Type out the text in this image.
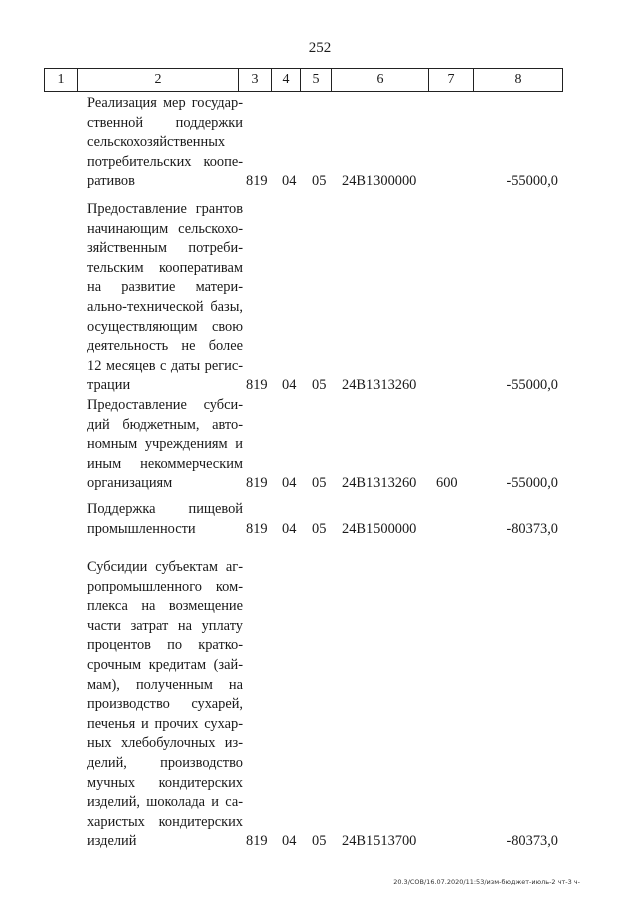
252
1	2	3	4	5	6	7	8
Реализация мер государ-
ственной поддержки
сельскохозяйственных
потребительских коопе-
ративов	819 04 05 24В1300000	-55000,0
Предоставление грантов
начинающим сельскохо-
зяйственным потреби-
тельским кооперативам
на развитие матери-
ально-технической базы,
осуществляющим свою
деятельность не более
12 месяцев с даты регис-
трации	819 04 05 24В1313260	-55000,0
Предоставление субси-
дий бюджетным, авто-
номным учреждениям и
иным некоммерческим
организациям	819 04 05 24В1313260 600	-55000,0
Поддержка пищевой
промышленности	819 04 05 24В1500000	-80373,0
Субсидии субъектам аг-
ропромышленного ком-
плекса на возмещение
части затрат на уплату
процентов по кратко-
срочным кредитам (зай-
мам), полученным на
производство сухарей,
печенья и прочих сухар-
ных хлебобулочных из-
делий, производство
мучных кондитерских
изделий, шоколада и са-
харистых кондитерских
изделий	819 04 05 24В1513700	-80373,0
20.3/СОВ/16.07.2020/11:53/изм-бюджет-июль-2 чт-3 ч-
